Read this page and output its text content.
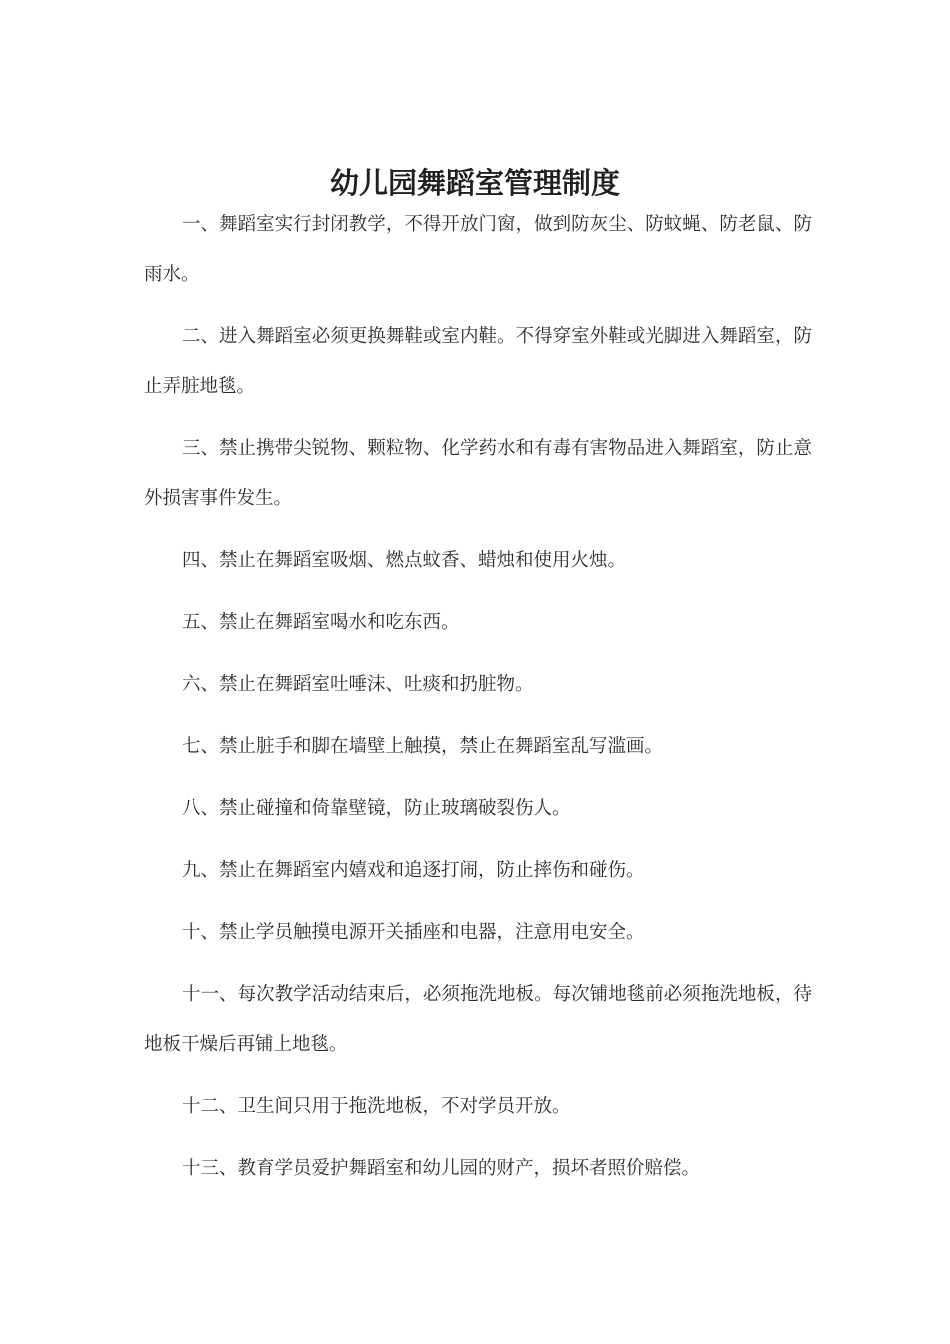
幼儿园舞蹈室管理制度

一、舞蹈室实行封闭教学，不得开放门窗，做到防灰尘、防蚊蝇、防老鼠、防雨水。

二、进入舞蹈室必须更换舞鞋或室内鞋。不得穿室外鞋或光脚进入舞蹈室，防止弄脏地毯。

三、禁止携带尖锐物、颗粒物、化学药水和有毒有害物品进入舞蹈室，防止意外损害事件发生。

四、禁止在舞蹈室吸烟、燃点蚊香、蜡烛和使用火烛。

五、禁止在舞蹈室喝水和吃东西。

六、禁止在舞蹈室吐唾沫、吐痰和扔脏物。

七、禁止脏手和脚在墙壁上触摸，禁止在舞蹈室乱写滥画。

八、禁止碰撞和倚靠壁镜，防止玻璃破裂伤人。

九、禁止在舞蹈室内嬉戏和追逐打闹，防止摔伤和碰伤。

十、禁止学员触摸电源开关插座和电器，注意用电安全。

十一、每次教学活动结束后，必须拖洗地板。每次铺地毯前必须拖洗地板，待地板干燥后再铺上地毯。

十二、卫生间只用于拖洗地板，不对学员开放。

十三、教育学员爱护舞蹈室和幼儿园的财产，损坏者照价赔偿。
